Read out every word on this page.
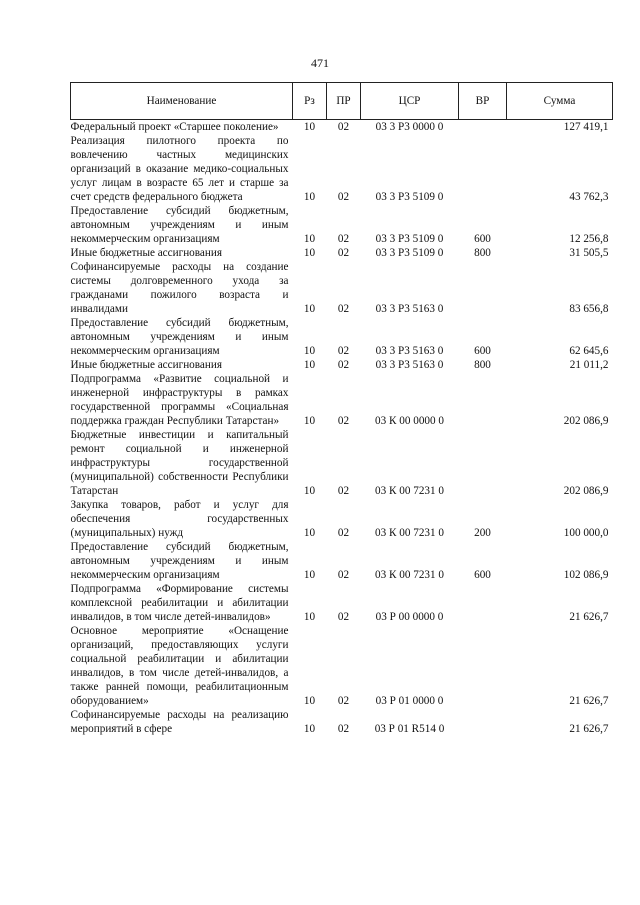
471
Наименование	Рз	ПР	ЦСР	ВР	Сумма
Федеральный проект «Старшее поколение»	10	02	03 3 Р3 0000 0		127 419,1
Реализация пилотного проекта по вовлечению частных медицинских организаций в оказание медико-социальных услуг лицам в возрасте 65 лет и старше за счет средств федерального бюджета	10	02	03 3 Р3 5109 0		43 762,3
Предоставление субсидий бюджетным, автономным учреждениям и иным некоммерческим организациям	10	02	03 3 Р3 5109 0	600	12 256,8
Иные бюджетные ассигнования	10	02	03 3 Р3 5109 0	800	31 505,5
Софинансируемые расходы на создание системы долговременного ухода за гражданами пожилого возраста и инвалидами	10	02	03 3 Р3 5163 0		83 656,8
Предоставление субсидий бюджетным, автономным учреждениям и иным некоммерческим организациям	10	02	03 3 Р3 5163 0	600	62 645,6
Иные бюджетные ассигнования	10	02	03 3 Р3 5163 0	800	21 011,2
Подпрограмма «Развитие социальной и инженерной инфраструктуры в рамках государственной программы «Социальная поддержка граждан Республики Татарстан»	10	02	03 К 00 0000 0		202 086,9
Бюджетные инвестиции и капитальный ремонт социальной и инженерной инфраструктуры государственной (муниципальной) собственности Республики Татарстан	10	02	03 К 00 7231 0		202 086,9
Закупка товаров, работ и услуг для обеспечения государственных (муниципальных) нужд	10	02	03 К 00 7231 0	200	100 000,0
Предоставление субсидий бюджетным, автономным учреждениям и иным некоммерческим организациям	10	02	03 К 00 7231 0	600	102 086,9
Подпрограмма «Формирование системы комплексной реабилитации и абилитации инвалидов, в том числе детей-инвалидов»	10	02	03 Р 00 0000 0		21 626,7
Основное мероприятие «Оснащение организаций, предоставляющих услуги социальной реабилитации и абилитации инвалидов, в том числе детей-инвалидов, а также ранней помощи, реабилитационным оборудованием»	10	02	03 Р 01 0000 0		21 626,7
Софинансируемые расходы на реализацию мероприятий в сфере	10	02	03 Р 01 R514 0		21 626,7
